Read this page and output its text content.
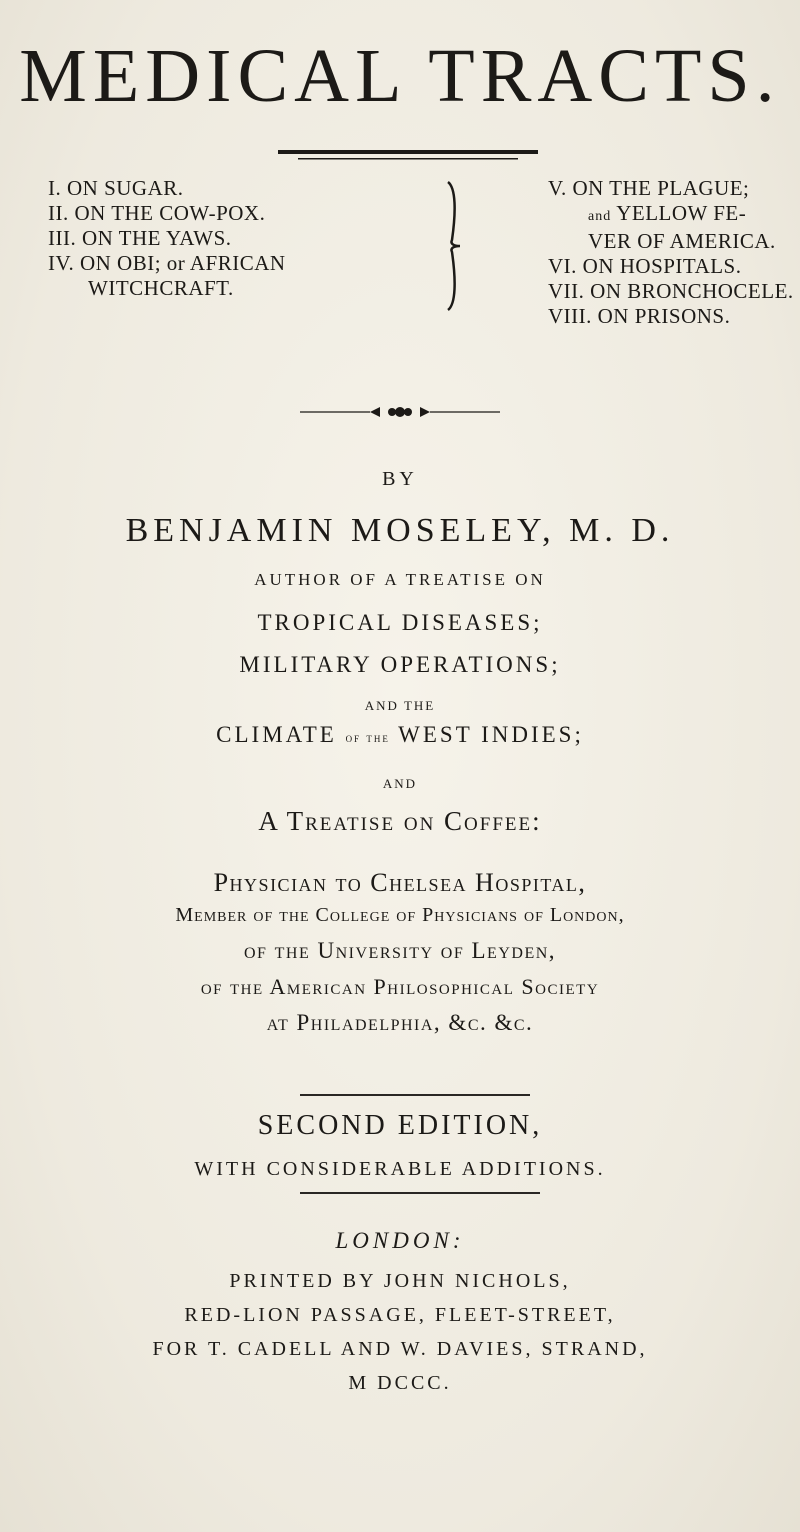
MEDICAL TRACTS.
I. ON SUGAR.
II. ON THE COW-POX.
III. ON THE YAWS.
IV. ON OBI; or AFRICAN
WITCHCRAFT.
V. ON THE PLAGUE;
and YELLOW FE-
VER OF AMERICA.
VI. ON HOSPITALS.
VII. ON BRONCHOCELE.
VIII. ON PRISONS.
BY
BENJAMIN MOSELEY, M. D.
AUTHOR OF A TREATISE ON
TROPICAL DISEASES;
MILITARY OPERATIONS;
AND THE
CLIMATE of the WEST INDIES;
AND
A Treatise on Coffee:
Physician to Chelsea Hospital,
Member of the College of Physicians of London,
of the University of Leyden,
of the American Philosophical Society
at Philadelphia, &c. &c.
SECOND EDITION,
WITH CONSIDERABLE ADDITIONS.
LONDON:
PRINTED BY JOHN NICHOLS,
RED-LION PASSAGE, FLEET-STREET,
FOR T. CADELL AND W. DAVIES, STRAND,
M DCCC.
